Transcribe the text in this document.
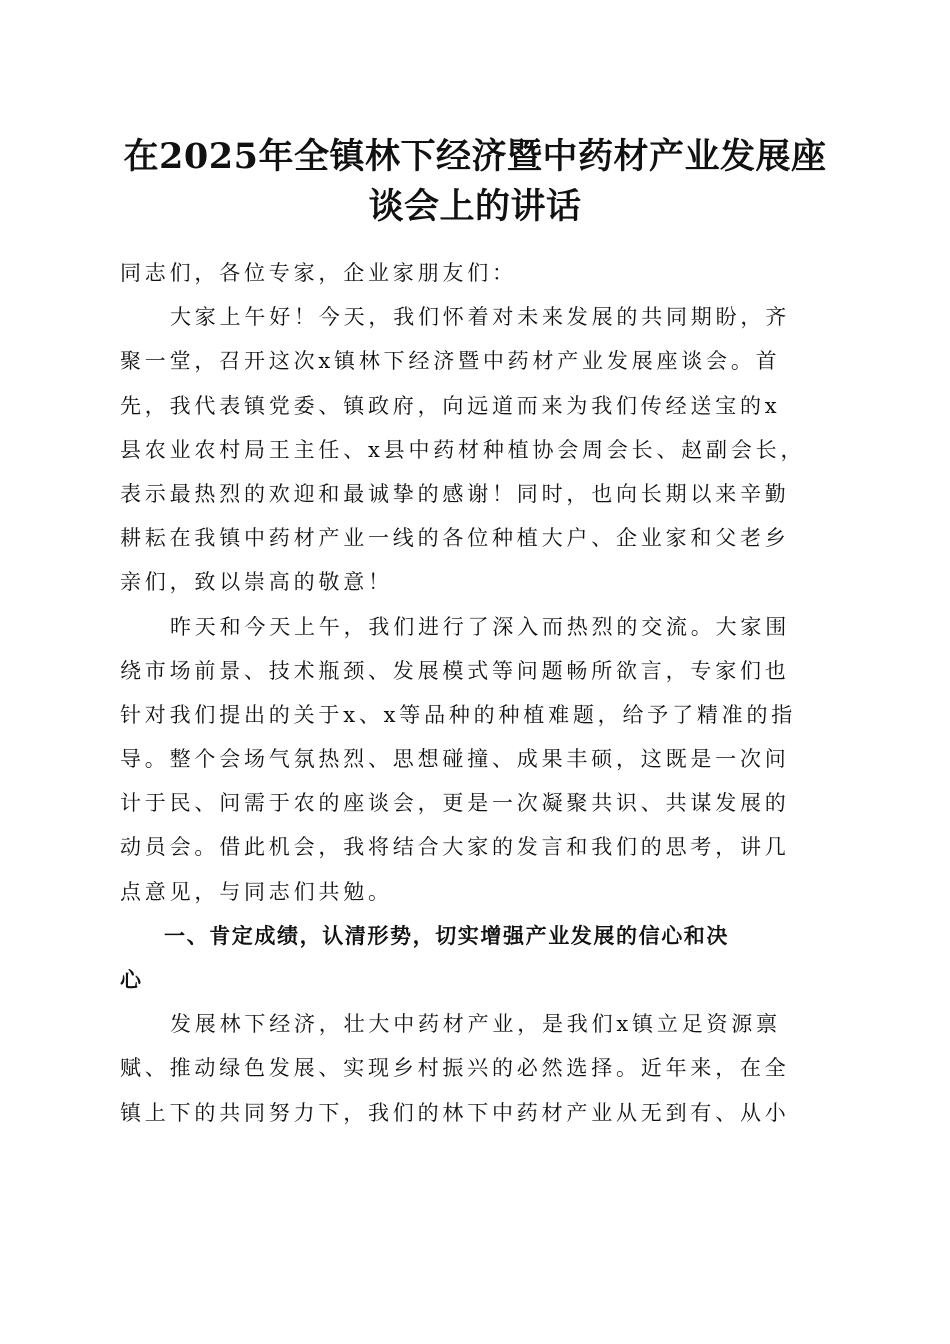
在2025年全镇林下经济暨中药材产业发展座
谈会上的讲话
同志们，各位专家，企业家朋友们：
大家上午好！今天，我们怀着对未来发展的共同期盼，齐
聚一堂，召开这次x镇林下经济暨中药材产业发展座谈会。首
先，我代表镇党委、镇政府，向远道而来为我们传经送宝的x
县农业农村局王主任、x县中药材种植协会周会长、赵副会长，
表示最热烈的欢迎和最诚挚的感谢！同时，也向长期以来辛勤
耕耘在我镇中药材产业一线的各位种植大户、企业家和父老乡
亲们，致以崇高的敬意！
昨天和今天上午，我们进行了深入而热烈的交流。大家围
绕市场前景、技术瓶颈、发展模式等问题畅所欲言，专家们也
针对我们提出的关于x、x等品种的种植难题，给予了精准的指
导。整个会场气氛热烈、思想碰撞、成果丰硕，这既是一次问
计于民、问需于农的座谈会，更是一次凝聚共识、共谋发展的
动员会。借此机会，我将结合大家的发言和我们的思考，讲几
点意见，与同志们共勉。
一、肯定成绩，认清形势，切实增强产业发展的信心和决
心
发展林下经济，壮大中药材产业，是我们x镇立足资源禀
赋、推动绿色发展、实现乡村振兴的必然选择。近年来，在全
镇上下的共同努力下，我们的林下中药材产业从无到有、从小
